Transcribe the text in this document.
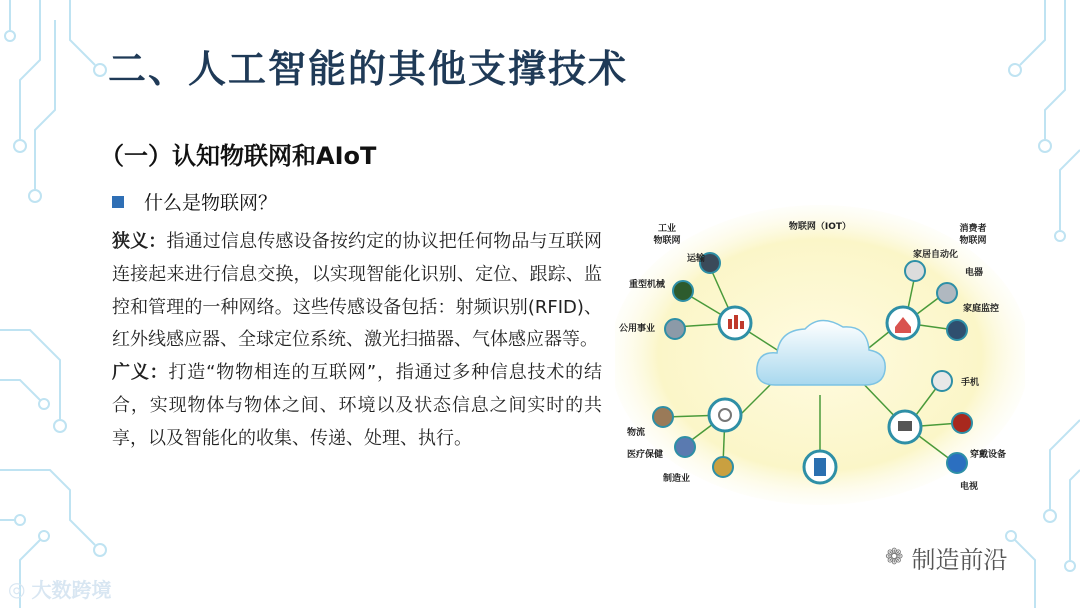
二、人工智能的其他支撑技术
（一）认知物联网和AIoT
什么是物联网？

狭义：指通过信息传感设备按约定的协议把任何物品与互联网连接起来进行信息交换，以实现智能化识别、定位、跟踪、监控和管理的一种网络。这些传感设备包括：射频识别(RFID)、红外线感应器、全球定位系统、激光扫描器、气体感应器等。

广义：打造“物物相连的互联网”，指通过多种信息技术的结合，实现物体与物体之间、环境以及状态信息之间实时的共享，以及智能化的收集、传递、处理、执行。

物联网（IOT）
工业
物联网
消费者
物联网
运输
重型机械
公用事业
物流
医疗保健
制造业
家居自动化
电器
家庭监控
手机
穿戴设备
电视
◎ 大数跨境
❁ 制造前沿
